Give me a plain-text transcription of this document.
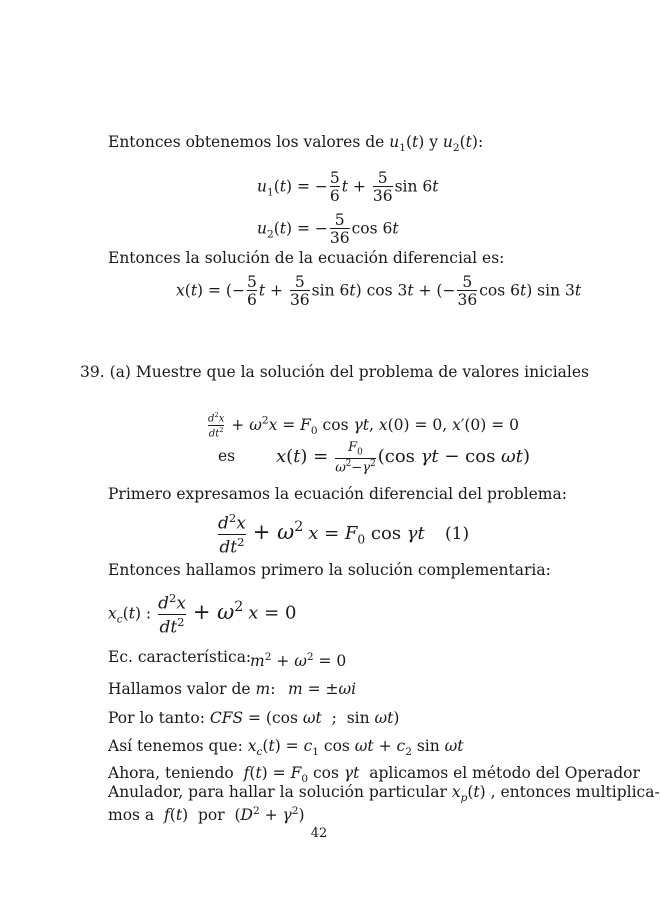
Entonces obtenemos los valores de $u_1(t)$ y $u_2(t)$:
$u_1(t)$ = − $\frac{5}{6}$ $t + \frac{5}{36}$ sin 6t
$u_2(t)$ = − $\frac{5}{36}$ cos 6t
Entonces la solución de la ecuación diferencial es:
x(t) = (− $\frac{5}{6}$ $t + \frac{5}{36}$ sin 6t) cos 3t + (− $\frac{5}{36}$ cos 6t) sin 3t
39. (a) Muestre que la solución del problema de valores iniciales
$\frac{d^2x}{dt^2} + \omega^2x = F_0$ cos γt, x(0) = 0, x′(0) = 0
es $x(t) = \frac{F_0}{\omega^2-\gamma^2} (\cos$ γt − cos ωt)
Primero expresamos la ecuación diferencial del problema:
$\frac{d^2x}{dt^2} + \omega^2$ $x = F_0$ cos γt (1)
Entonces hallamos primero la solución complementaria:
$x_c(t)$ : $\frac{d^2x}{dt^2} + \omega^2$ x = 0
Ec. característica:
$m^2 + \omega^2 = 0$
Hallamos valor de m: m = ±ωi
Por lo tanto: CFS = (cos ωt  ;  sin ωt)
Así tenemos que: $x_c(t) = c_1$ $\cos \omega t + c_2$ sin ωt
Ahora, teniendo  $f(t) = F_0$ cos γt  aplicamos el método del Operador
Anulador, para hallar la solución particular $x_p(t)$ , entonces multiplica-
mos a  f(t)  por  $(D^2 + \gamma^2)$
42
